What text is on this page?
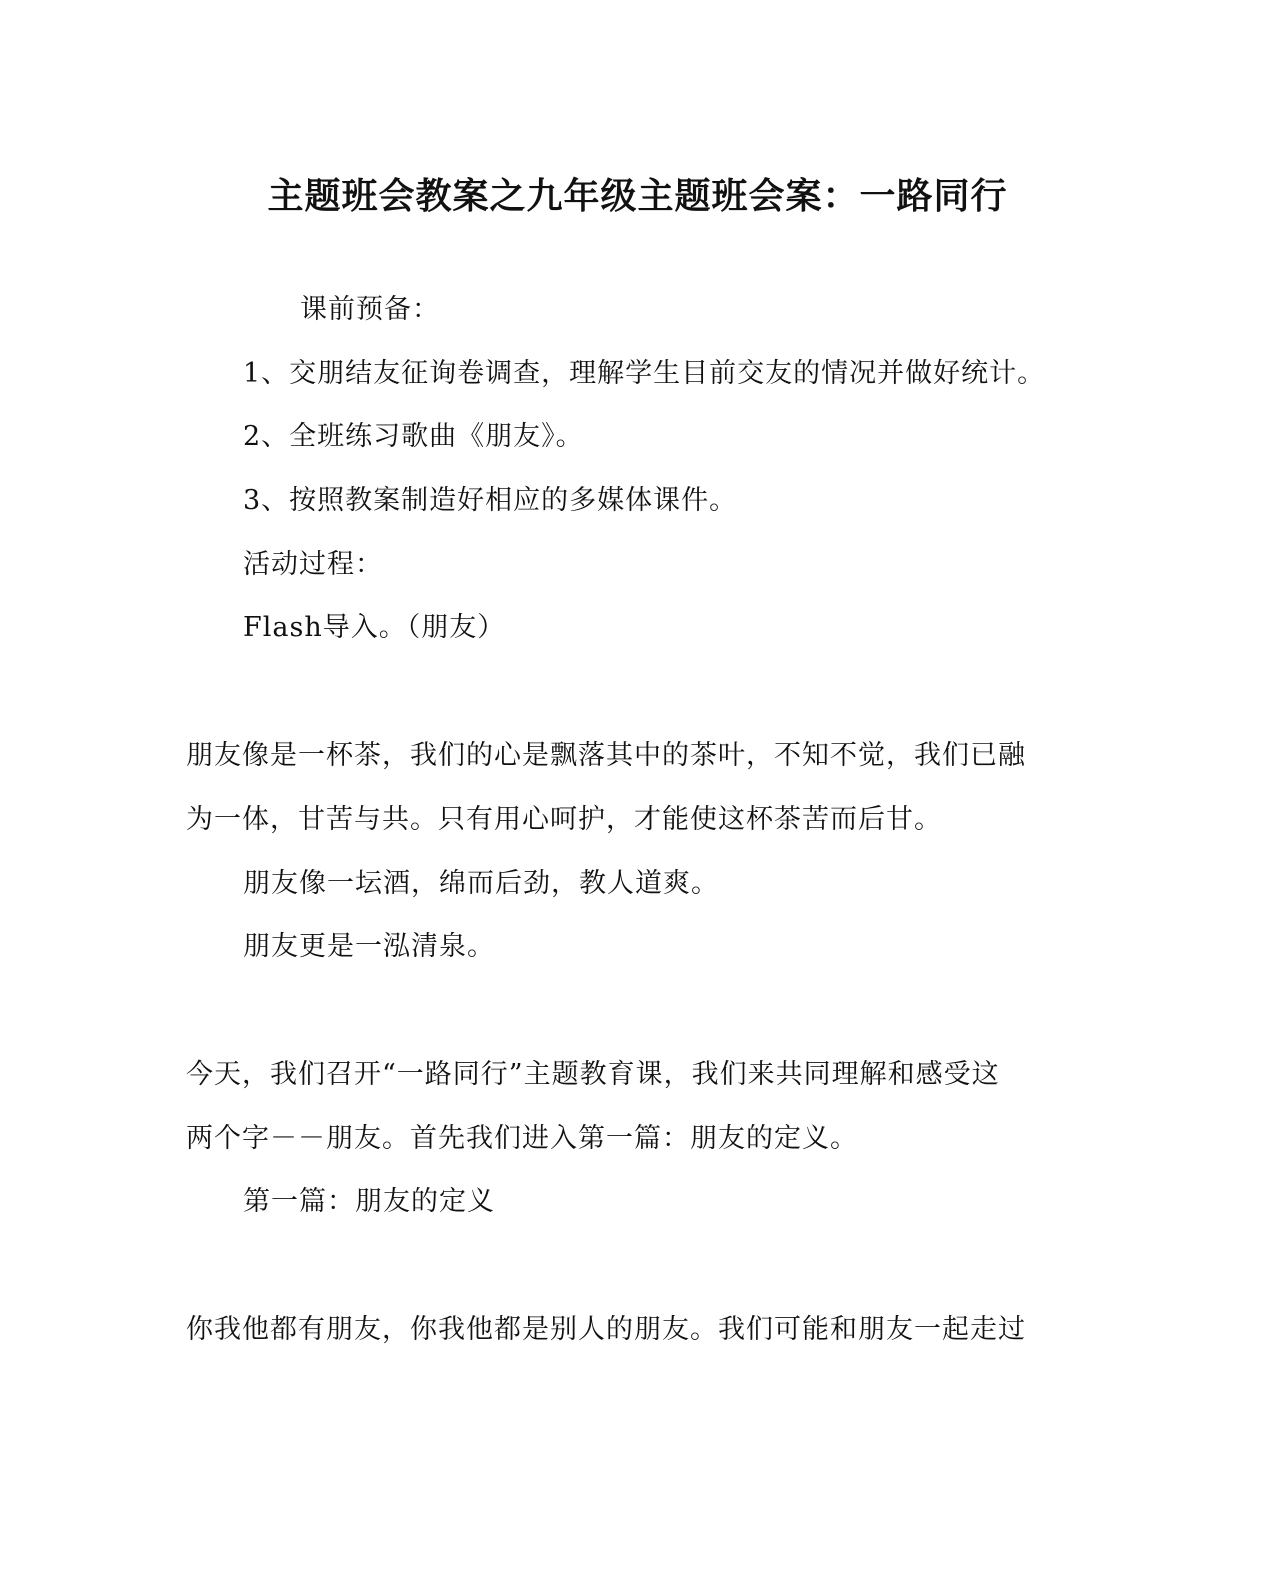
主题班会教案之九年级主题班会案：一路同行
课前预备：
1、交朋结友征询卷调查，理解学生目前交友的情况并做好统计。
2、全班练习歌曲《朋友》。
3、按照教案制造好相应的多媒体课件。
活动过程：
Flash导入。（朋友）
朋友像是一杯茶，我们的心是飘落其中的茶叶，不知不觉，我们已融
为一体，甘苦与共。只有用心呵护，才能使这杯茶苦而后甘。
朋友像一坛酒，绵而后劲，教人道爽。
朋友更是一泓清泉。
今天，我们召开“一路同行”主题教育课，我们来共同理解和感受这
两个字－－朋友。首先我们进入第一篇：朋友的定义。
第一篇：朋友的定义
你我他都有朋友，你我他都是别人的朋友。我们可能和朋友一起走过
